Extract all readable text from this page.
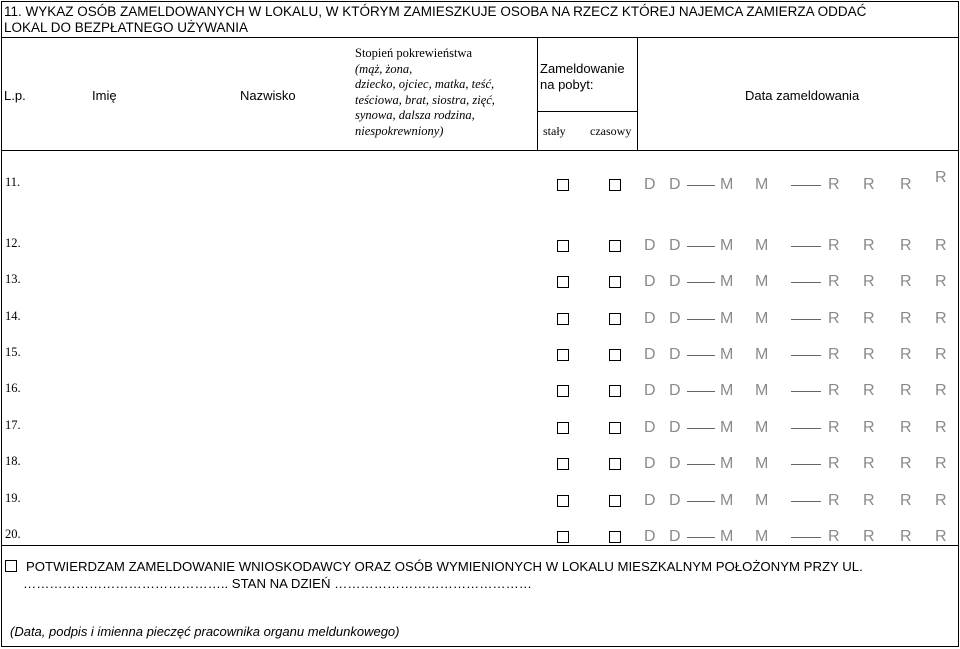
11. WYKAZ OSÓB ZAMELDOWANYCH W LOKALU, W KTÓRYM ZAMIESZKUJE OSOBA NA RZECZ KTÓREJ NAJEMCA ZAMIERZA ODDAĆ
LOKAL DO BEZPŁATNEGO UŻYWANIA
L.p.	Imię	Nazwisko
Stopień pokrewieństwa
(mąż, żona,
dziecko, ojciec, matka, teść,
teściowa, brat, siostra, zięć,
synowa, dalsza rodzina,
niespokrewniony)
Zameldowanie
na pobyt:
stały czasowy
Data zameldowania
11.	D D M M	R R R R
12.	D D M M	R R R R
13.	D D M M	R R R R
14.	D D M M	R R R R
15.	D D M M	R R R R
16.	D D M M	R R R R
17.	D D M M	R R R R
18.	D D M M	R R R R
19.	D D M M	R R R R
20.	D D M M	R R R R
POTWIERDZAM ZAMELDOWANIE WNIOSKODAWCY ORAZ OSÓB WYMIENIONYCH W LOKALU MIESZKALNYM POŁOŻONYM PRZY UL.
……………………………………….. STAN NA DZIEŃ ………………………………………
(Data, podpis i imienna pieczęć pracownika organu meldunkowego)
